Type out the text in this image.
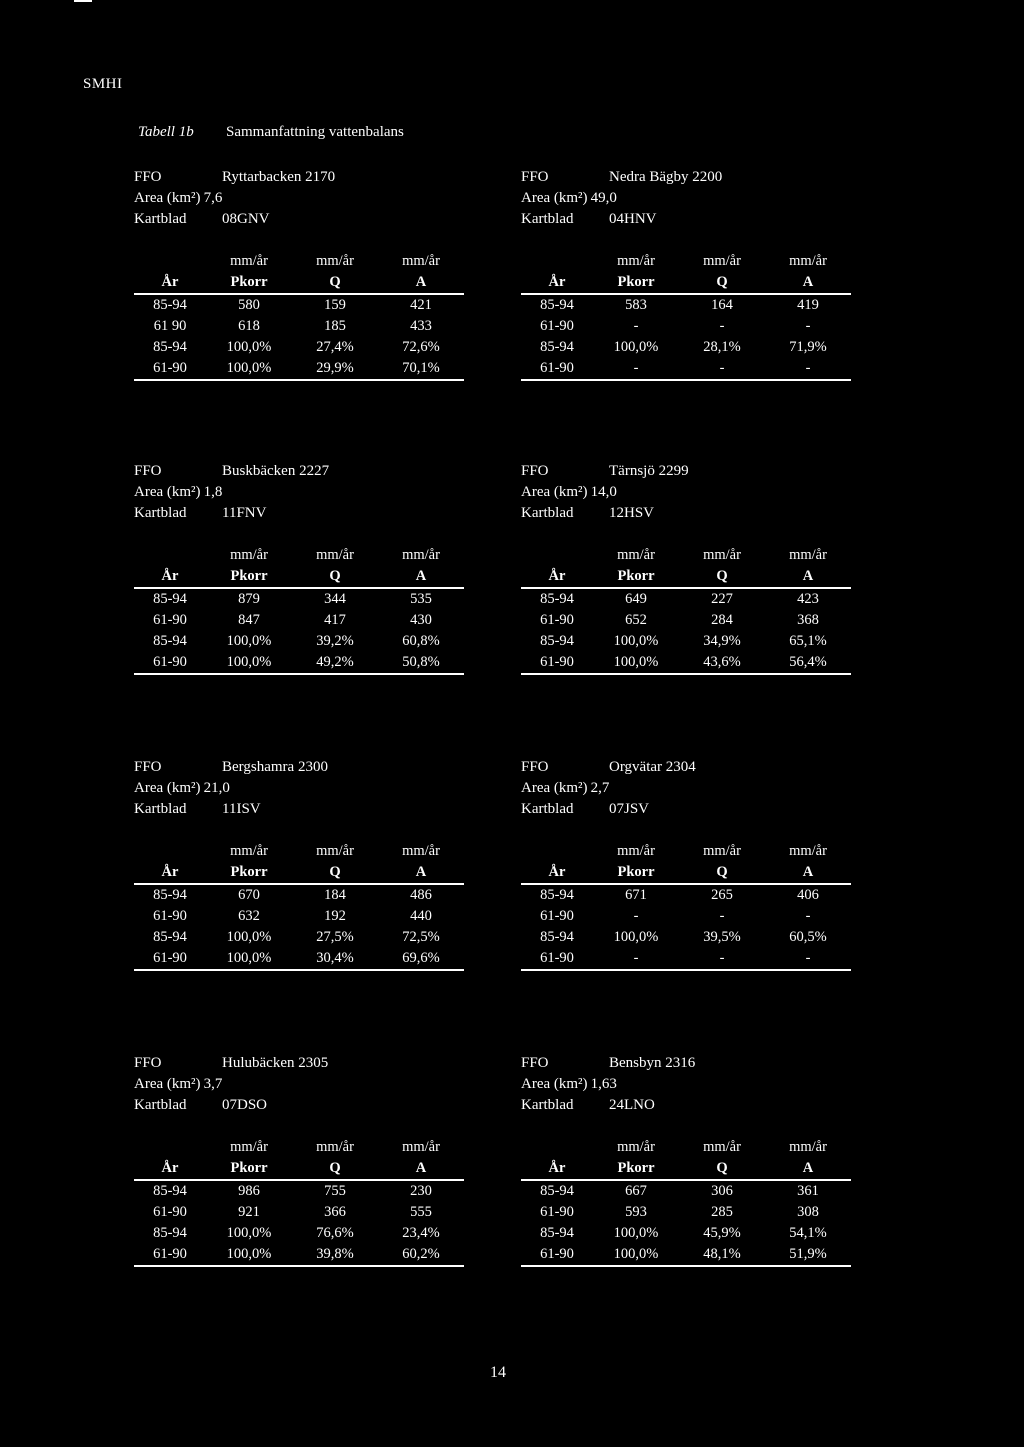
SMHI
Tabell 1b Sammanfattning vattenbalans
FFO	Ryttarbacken 2170
Area (km²) 7,6
Kartblad 08GNV
	mm/år	mm/år	mm/år
År	Pkorr	Q	A
85-94	580	159	421
61 90	618	185	433
85-94	100,0%	27,4%	72,6%
61-90	100,0%	29,9%	70,1%
FFO	Nedra Bägby 2200
Area (km²) 49,0
Kartblad 04HNV
	mm/år	mm/år	mm/år
År	Pkorr	Q	A
85-94	583	164	419
61-90	-	-	-
85-94	100,0%	28,1%	71,9%
61-90	-	-	-
FFO	Buskbäcken 2227
Area (km²) 1,8
Kartblad 11FNV
	mm/år	mm/år	mm/år
År	Pkorr	Q	A
85-94	879	344	535
61-90	847	417	430
85-94	100,0%	39,2%	60,8%
61-90	100,0%	49,2%	50,8%
FFO	Tärnsjö 2299
Area (km²) 14,0
Kartblad 12HSV
	mm/år	mm/år	mm/år
År	Pkorr	Q	A
85-94	649	227	423
61-90	652	284	368
85-94	100,0%	34,9%	65,1%
61-90	100,0%	43,6%	56,4%
FFO	Bergshamra 2300
Area (km²) 21,0
Kartblad 11ISV
	mm/år	mm/år	mm/år
År	Pkorr	Q	A
85-94	670	184	486
61-90	632	192	440
85-94	100,0%	27,5%	72,5%
61-90	100,0%	30,4%	69,6%
FFO	Orgvätar 2304
Area (km²) 2,7
Kartblad 07JSV
	mm/år	mm/år	mm/år
År	Pkorr	Q	A
85-94	671	265	406
61-90	-	-	-
85-94	100,0%	39,5%	60,5%
61-90	-	-	-
FFO	Hulubäcken 2305
Area (km²) 3,7
Kartblad 07DSO
	mm/år	mm/år	mm/år
År	Pkorr	Q	A
85-94	986	755	230
61-90	921	366	555
85-94	100,0%	76,6%	23,4%
61-90	100,0%	39,8%	60,2%
FFO	Bensbyn 2316
Area (km²) 1,63
Kartblad 24LNO
	mm/år	mm/år	mm/år
År	Pkorr	Q	A
85-94	667	306	361
61-90	593	285	308
85-94	100,0%	45,9%	54,1%
61-90	100,0%	48,1%	51,9%
14
